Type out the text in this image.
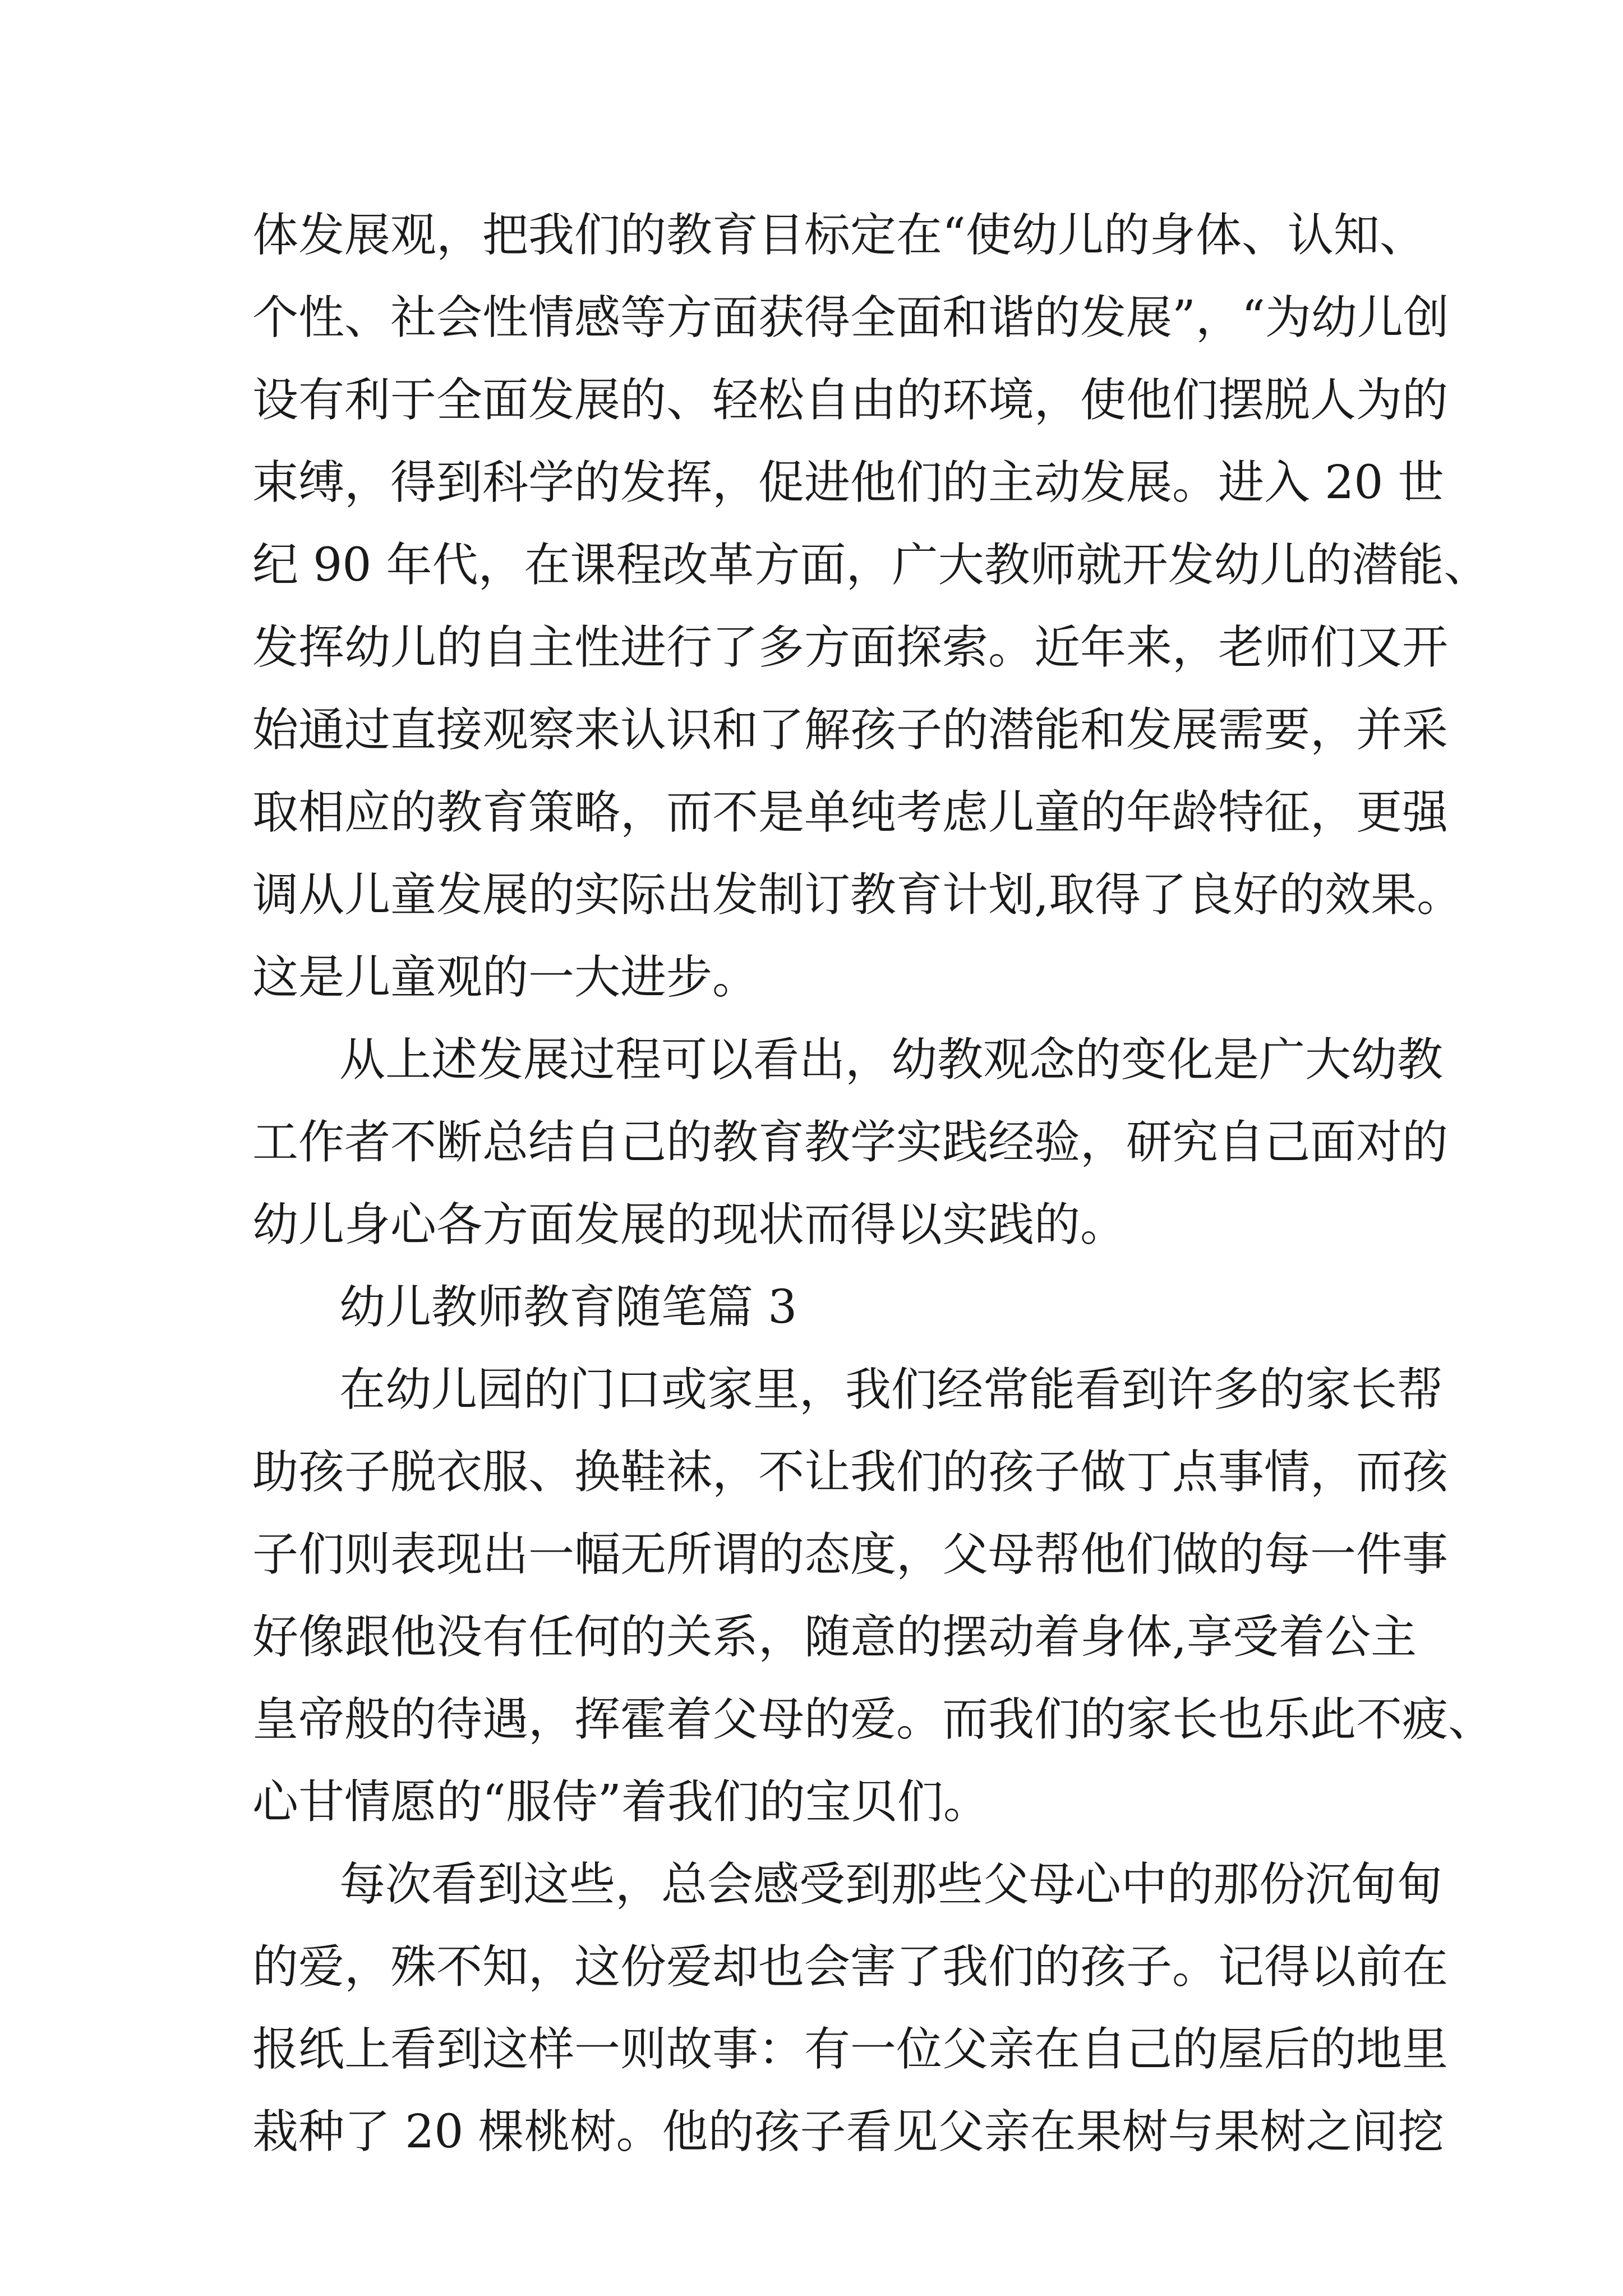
体发展观，把我们的教育目标定在“使幼儿的身体、认知、
个性、社会性情感等方面获得全面和谐的发展”，“为幼儿创
设有利于全面发展的、轻松自由的环境，使他们摆脱人为的
束缚，得到科学的发挥，促进他们的主动发展。进入 20 世
纪 90 年代，在课程改革方面，广大教师就开发幼儿的潜能、
发挥幼儿的自主性进行了多方面探索。近年来，老师们又开
始通过直接观察来认识和了解孩子的潜能和发展需要，并采
取相应的教育策略，而不是单纯考虑儿童的年龄特征，更强
调从儿童发展的实际出发制订教育计划,取得了良好的效果。
这是儿童观的一大进步。
从上述发展过程可以看出，幼教观念的变化是广大幼教
工作者不断总结自己的教育教学实践经验，研究自己面对的
幼儿身心各方面发展的现状而得以实践的。
幼儿教师教育随笔篇 3
在幼儿园的门口或家里，我们经常能看到许多的家长帮
助孩子脱衣服、换鞋袜，不让我们的孩子做丁点事情，而孩
子们则表现出一幅无所谓的态度，父母帮他们做的每一件事
好像跟他没有任何的关系，随意的摆动着身体,享受着公主
皇帝般的待遇，挥霍着父母的爱。而我们的家长也乐此不疲、
心甘情愿的“服侍”着我们的宝贝们。
每次看到这些，总会感受到那些父母心中的那份沉甸甸
的爱，殊不知，这份爱却也会害了我们的孩子。记得以前在
报纸上看到这样一则故事：有一位父亲在自己的屋后的地里
栽种了 20 棵桃树。他的孩子看见父亲在果树与果树之间挖
